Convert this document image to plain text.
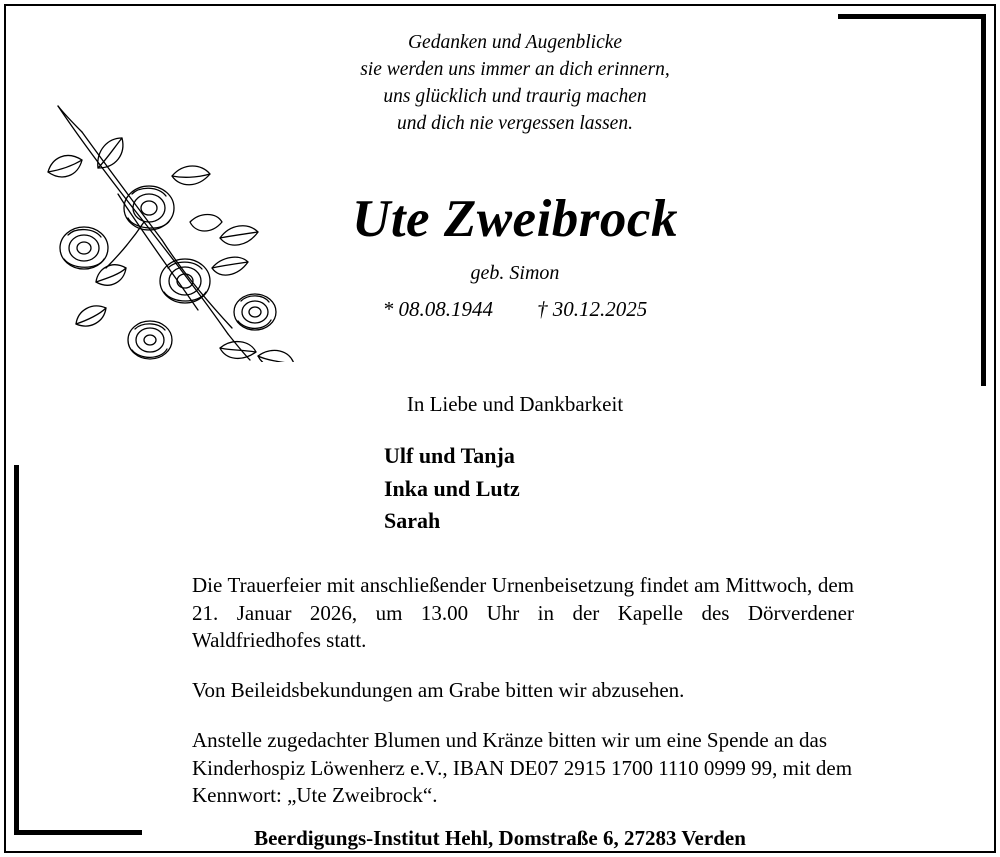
Gedanken und Augenblicke
sie werden uns immer an dich erinnern,
uns glücklich und traurig machen
und dich nie vergessen lassen.
Ute Zweibrock
geb. Simon
* 08.08.1944 † 30.12.2025
In Liebe und Dankbarkeit
Ulf und Tanja
Inka und Lutz
Sarah

Die Trauerfeier mit anschließender Urnenbeisetzung findet am Mittwoch, dem 21. Januar 2026, um 13.00 Uhr in der Kapelle des Dörverdener Waldfriedhofes statt.

Von Beileidsbekundungen am Grabe bitten wir abzusehen.

Anstelle zugedachter Blumen und Kränze bitten wir um eine Spende an das Kinderhospiz Löwenherz e.V., IBAN DE07 2915 1700 1110 0999 99, mit dem Kennwort: „Ute Zweibrock“.

Beerdigungs-Institut Hehl, Domstraße 6, 27283 Verden
